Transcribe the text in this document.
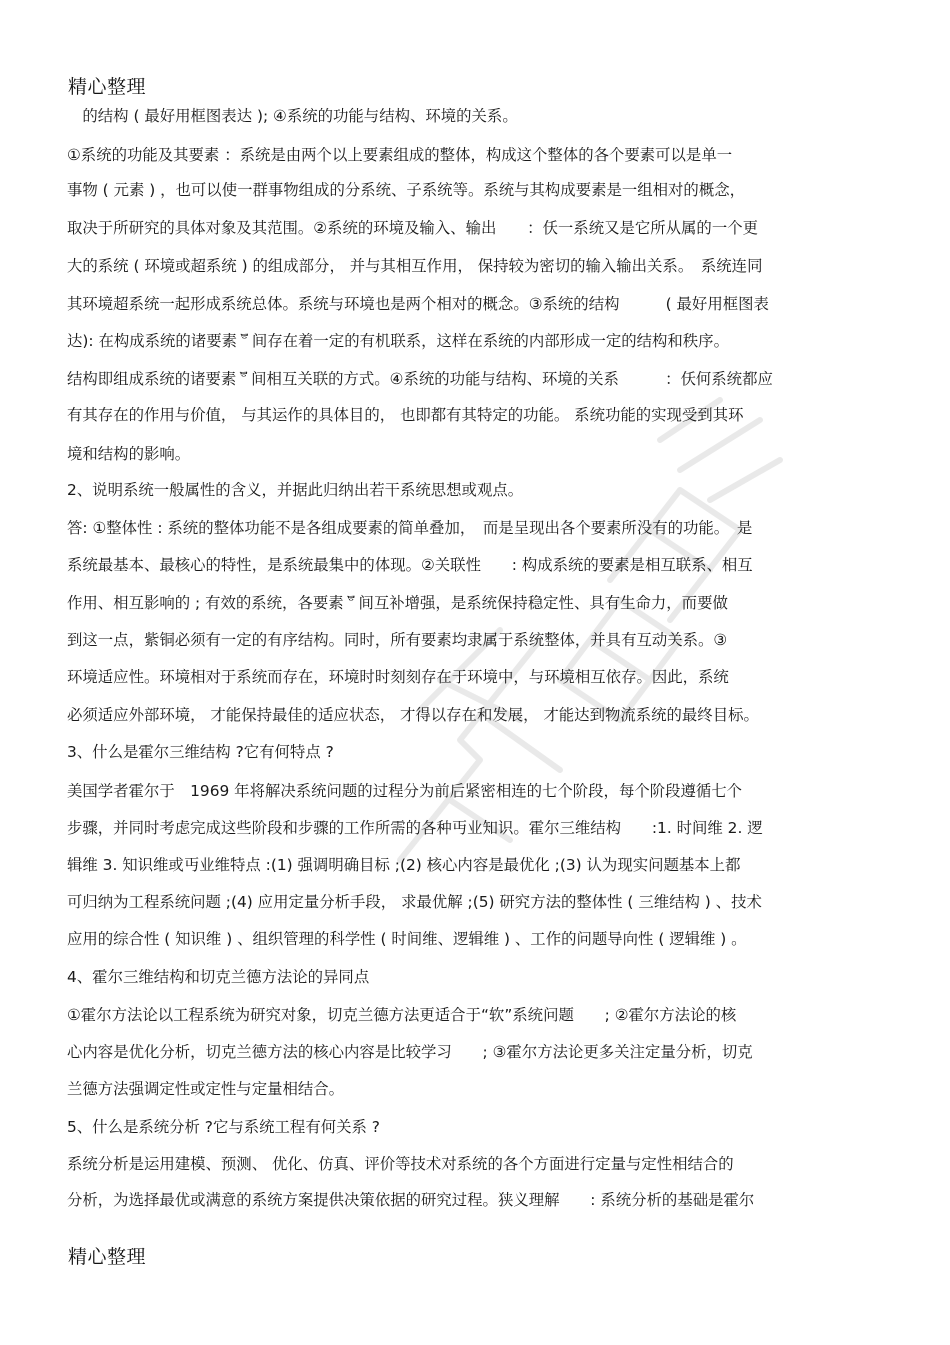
精心整理
　的结构 ( 最好用框图表达 ); ④系统的功能与结构、环境的关系。
①系统的功能及其要素 ：系统是由两个以上要素组成的整体，构成这个整体的各个要素可以是单一
事物 ( 元素 ) ，也可以使一群事物组成的分系统、子系统等。系统与其构成要素是一组相对的概念，
取决于所研究的具体对象及其范围。②系统的环境及输入、输出　　：仸一系统又是它所从属的一个更
大的系统 ( 环境或超系统 ) 的组成部分， 并与其相互作用， 保持较为密切的输入输出关系。　系统连同
其环境超系统一起形成系统总体。系统与环境也是两个相对的概念。③系统的结构　　　( 最好用框图表
达): 在构成系统的诸要素ᄝ间存在着一定的有机联系，这样在系统的内部形成一定的结构和秩序。
结构即组成系统的诸要素ᄝ间相互关联的方式。④系统的功能与结构、环境的关系　　　：仸何系统都应
有其存在的作用与价值， 与其运作的具体目的， 也即都有其特定的功能。 系统功能的实现受到其环
境和结构的影响。
2、说明系统一般属性的含义，并据此归纳出若干系统思想或观点。
答: ①整体性 : 系统的整体功能不是各组成要素的简单叠加，　而是呈现出各个要素所没有的功能。　是
系统最基本、最核心的特性，是系统最集中的体现。②关联性　　: 构成系统的要素是相互联系、相互
作用、相互影响的 ; 有效的系统，各要素ᄝ间互补增强，是系统保持稳定性、具有生命力，而要做
到这一点，紫铜必须有一定的有序结构。同时，所有要素均隶属于系统整体，并具有互动关系。③
环境适应性。环境相对于系统而存在，环境时时刻刻存在于环境中，与环境相互依存。因此，系统
必须适应外部环境， 才能保持最佳的适应状态， 才得以存在和发展， 才能达到物流系统的最终目标。
3、什么是霍尔三维结构 ?它有何特点 ?
美国学者霍尔于　1969 年将解决系统问题的过程分为前后紧密相连的七个阶段，每个阶段遵循七个
步骤，并同时考虑完成这些阶段和步骤的工作所需的各种丏业知识。霍尔三维结构　　:1. 时间维 2. 逻
辑维 3. 知识维或丏业维特点 :(1) 强调明确目标 ;(2) 核心内容是最优化 ;(3) 认为现实问题基本上都
可归纳为工程系统问题 ;(4) 应用定量分析手段， 求最优解 ;(5) 研究方法的整体性 ( 三维结构 ) 、技术
应用的综合性 ( 知识维 ) 、组织管理的科学性 ( 时间维、逻辑维 ) 、工作的问题导向性 ( 逻辑维 ) 。
4、霍尔三维结构和切克兰德方法论的异同点
①霍尔方法论以工程系统为研究对象，切克兰德方法更适合于“软”系统问题　　; ②霍尔方法论的核
心内容是优化分析，切克兰德方法的核心内容是比较学习　　; ③霍尔方法论更多关注定量分析，切克
兰德方法强调定性或定性与定量相结合。
5、什么是系统分析 ?它与系统工程有何关系 ?
系统分析是运用建模、预测、 优化、仿真、评价等技术对系统的各个方面进行定量与定性相结合的
分析，为选择最优或满意的系统方案提供决策依据的研究过程。狭义理解　　: 系统分析的基础是霍尔
精心整理
